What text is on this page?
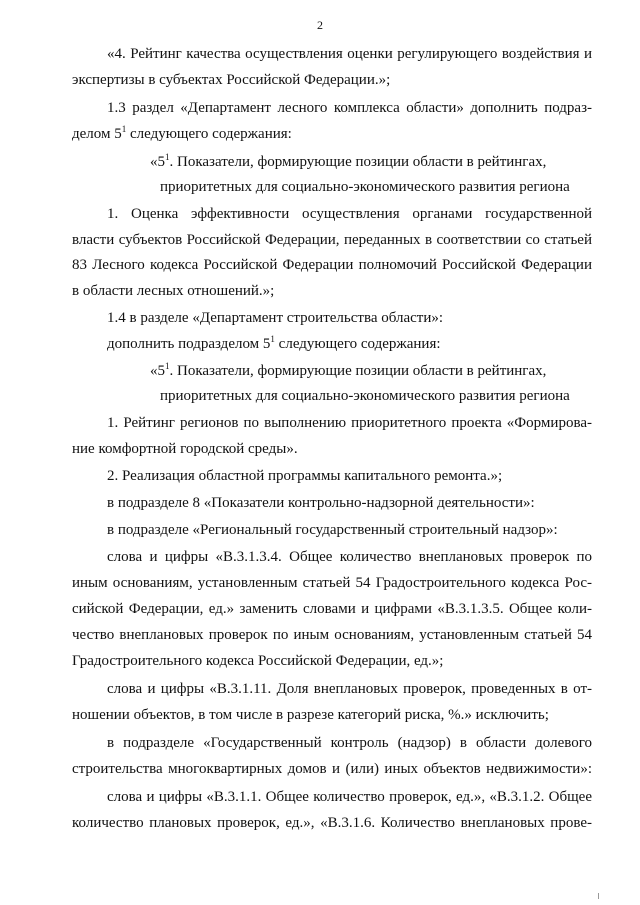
2
«4. Рейтинг качества осуществления оценки регулирующего воздействия и
экспертизы в субъектах Российской Федерации.»;
1.3 раздел «Департамент лесного комплекса области» дополнить подраз-
делом $5^1$ следующего содержания:
«$5^1$. Показатели, формирующие позиции области в рейтингах,
приоритетных для социально-экономического развития региона
1. Оценка эффективности осуществления органами государственной
власти субъектов Российской Федерации, переданных в соответствии со статьей
83 Лесного кодекса Российской Федерации полномочий Российской Федерации
в области лесных отношений.»;
1.4 в разделе «Департамент строительства области»:
дополнить подразделом $5^1$ следующего содержания:
«$5^1$. Показатели, формирующие позиции области в рейтингах,
приоритетных для социально-экономического развития региона
1. Рейтинг регионов по выполнению приоритетного проекта «Формирова-
ние комфортной городской среды».
2. Реализация областной программы капитального ремонта.»;
в подразделе 8 «Показатели контрольно-надзорной деятельности»:
в подразделе «Региональный государственный строительный надзор»:
слова и цифры «В.3.1.3.4. Общее количество внеплановых проверок по
иным основаниям, установленным статьей 54 Градостроительного кодекса Рос-
сийской Федерации, ед.» заменить словами и цифрами «В.3.1.3.5. Общее коли-
чество внеплановых проверок по иным основаниям, установленным статьей 54
Градостроительного кодекса Российской Федерации, ед.»;
слова и цифры «В.3.1.11. Доля внеплановых проверок, проведенных в от-
ношении объектов, в том числе в разрезе категорий риска, %.» исключить;
в подразделе «Государственный контроль (надзор) в области долевого
строительства многоквартирных домов и (или) иных объектов недвижимости»:
слова и цифры «В.3.1.1. Общее количество проверок, ед.», «В.3.1.2. Общее
количество плановых проверок, ед.», «В.3.1.6. Количество внеплановых прове-
